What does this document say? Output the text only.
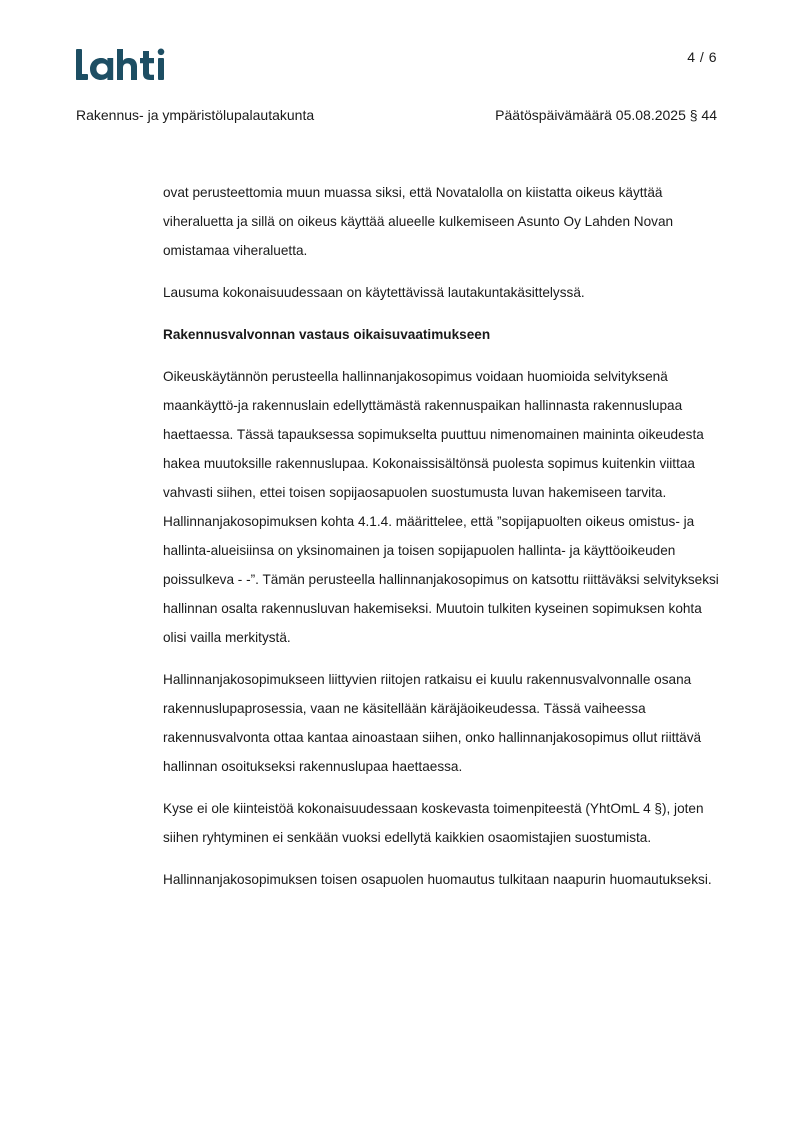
4 / 6
Rakennus- ja ympäristölupalautakunta	Päätöspäivämäärä 05.08.2025 § 44

ovat perusteettomia muun muassa siksi, että Novatalolla on kiistatta oikeus käyttää viheraluetta ja sillä on oikeus käyttää alueelle kulkemiseen Asunto Oy Lahden Novan omistamaa viheraluetta.

Lausuma kokonaisuudessaan on käytettävissä lautakuntakäsittelyssä.

Rakennusvalvonnan vastaus oikaisuvaatimukseen

Oikeuskäytännön perusteella hallinnanjakosopimus voidaan huomioida selvityksenä maankäyttö-ja rakennuslain edellyttämästä rakennuspaikan hallinnasta rakennuslupaa haettaessa. Tässä tapauksessa sopimukselta puuttuu nimenomainen maininta oikeudesta hakea muutoksille rakennuslupaa. Kokonaissisältönsä puolesta sopimus kuitenkin viittaa vahvasti siihen, ettei toisen sopijaosapuolen suostumusta luvan hakemiseen tarvita. Hallinnanjakosopimuksen kohta 4.1.4. määrittelee, että ”sopijapuolten oikeus omistus- ja hallinta-alueisiinsa on yksinomainen ja toisen sopijapuolen hallinta- ja käyttöoikeuden poissulkeva - -”. Tämän perusteella hallinnanjakosopimus on katsottu riittäväksi selvitykseksi hallinnan osalta rakennusluvan hakemiseksi. Muutoin tulkiten kyseinen sopimuksen kohta olisi vailla merkitystä.

Hallinnanjakosopimukseen liittyvien riitojen ratkaisu ei kuulu rakennusvalvonnalle osana rakennuslupaprosessia, vaan ne käsitellään käräjäoikeudessa. Tässä vaiheessa rakennusvalvonta ottaa kantaa ainoastaan siihen, onko hallinnanjakosopimus ollut riittävä hallinnan osoitukseksi rakennuslupaa haettaessa.

Kyse ei ole kiinteistöä kokonaisuudessaan koskevasta toimenpiteestä (YhtOmL 4 §), joten siihen ryhtyminen ei senkään vuoksi edellytä kaikkien osaomistajien suostumista.

Hallinnanjakosopimuksen toisen osapuolen huomautus tulkitaan naapurin huomautukseksi.
